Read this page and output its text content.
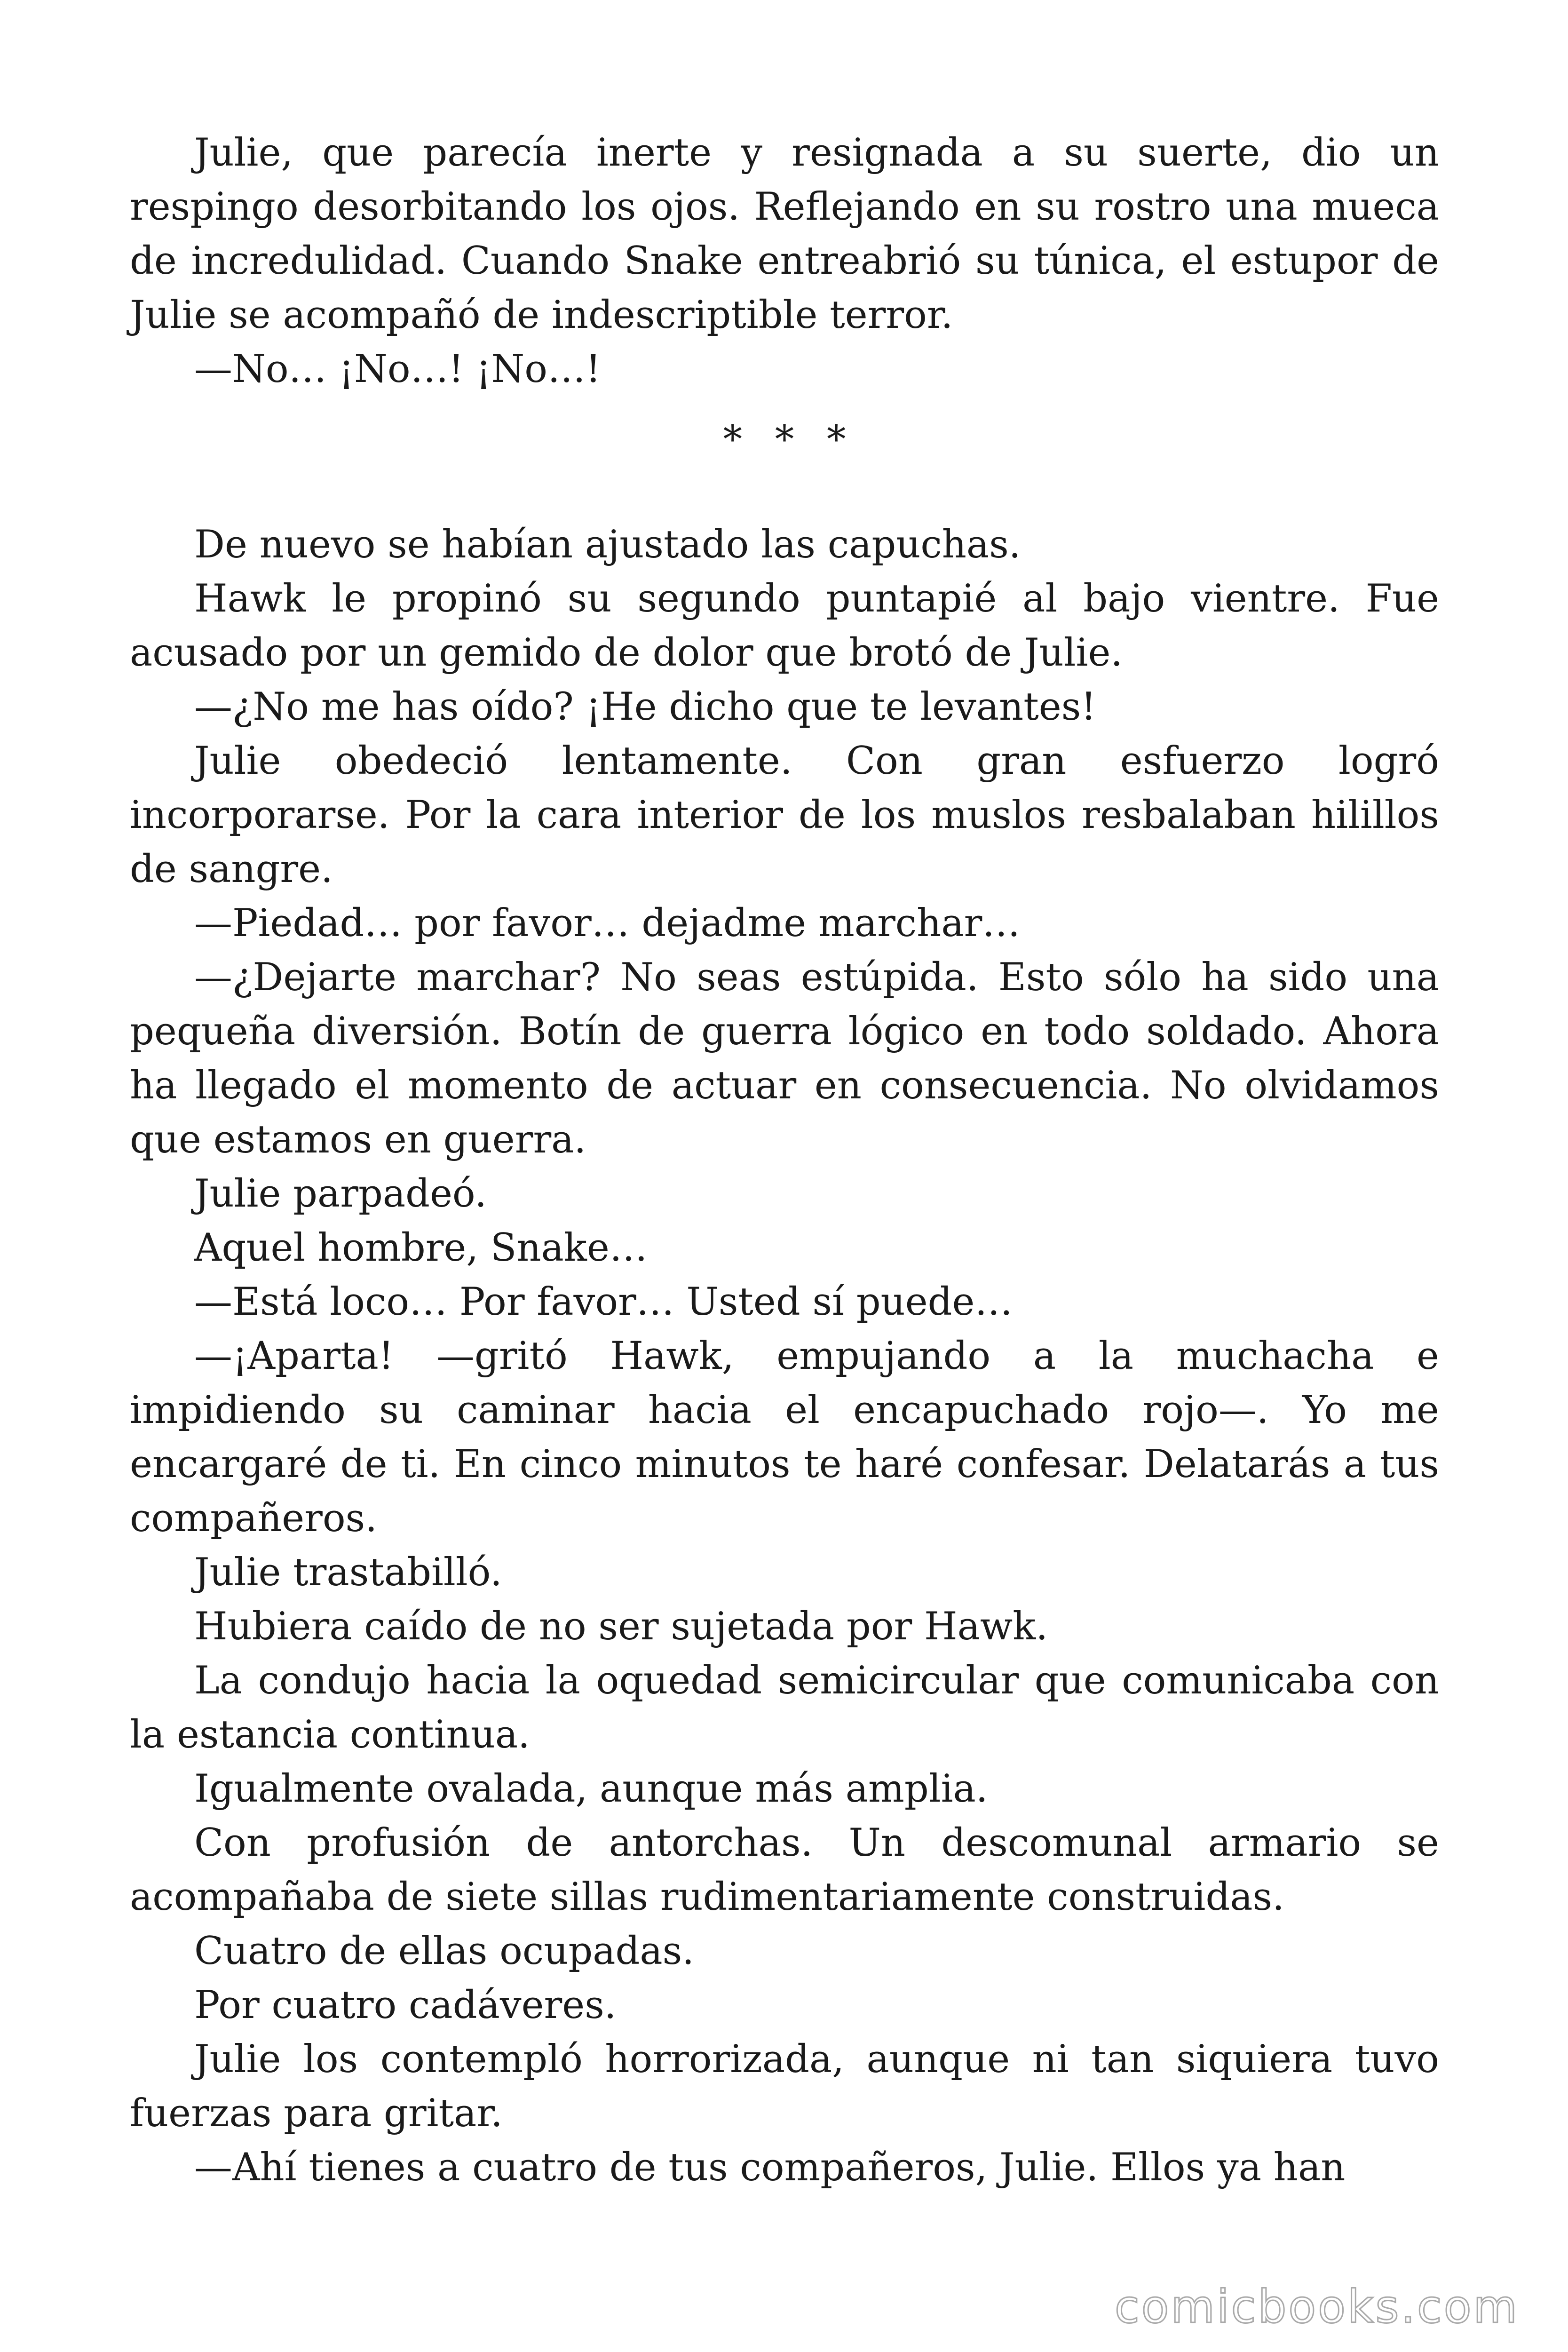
Julie, que parecía inerte y resignada a su suerte, dio un respingo desorbitando los ojos. Reflejando en su rostro una mueca de incredulidad. Cuando Snake entreabrió su túnica, el estupor de Julie se acompañó de indescriptible terror.

—No… ¡No…! ¡No…!

* * *

De nuevo se habían ajustado las capuchas.

Hawk le propinó su segundo puntapié al bajo vientre. Fue acusado por un gemido de dolor que brotó de Julie.

—¿No me has oído? ¡He dicho que te levantes!

Julie obedeció lentamente. Con gran esfuerzo logró incorporarse. Por la cara interior de los muslos resbalaban hilillos de sangre.

—Piedad… por favor… dejadme marchar…

—¿Dejarte marchar? No seas estúpida. Esto sólo ha sido una pequeña diversión. Botín de guerra lógico en todo soldado. Ahora ha llegado el momento de actuar en consecuencia. No olvidamos que estamos en guerra.

Julie parpadeó.

Aquel hombre, Snake…

—Está loco… Por favor… Usted sí puede…

—¡Aparta! —gritó Hawk, empujando a la muchacha e impidiendo su caminar hacia el encapuchado rojo—. Yo me encargaré de ti. En cinco minutos te haré confesar. Delatarás a tus compañeros.

Julie trastabilló.

Hubiera caído de no ser sujetada por Hawk.

La condujo hacia la oquedad semicircular que comunicaba con la estancia continua.

Igualmente ovalada, aunque más amplia.

Con profusión de antorchas. Un descomunal armario se acompañaba de siete sillas rudimentariamente construidas.

Cuatro de ellas ocupadas.

Por cuatro cadáveres.

Julie los contempló horrorizada, aunque ni tan siquiera tuvo fuerzas para gritar.

—Ahí tienes a cuatro de tus compañeros, Julie. Ellos ya han

comicbooks.com
